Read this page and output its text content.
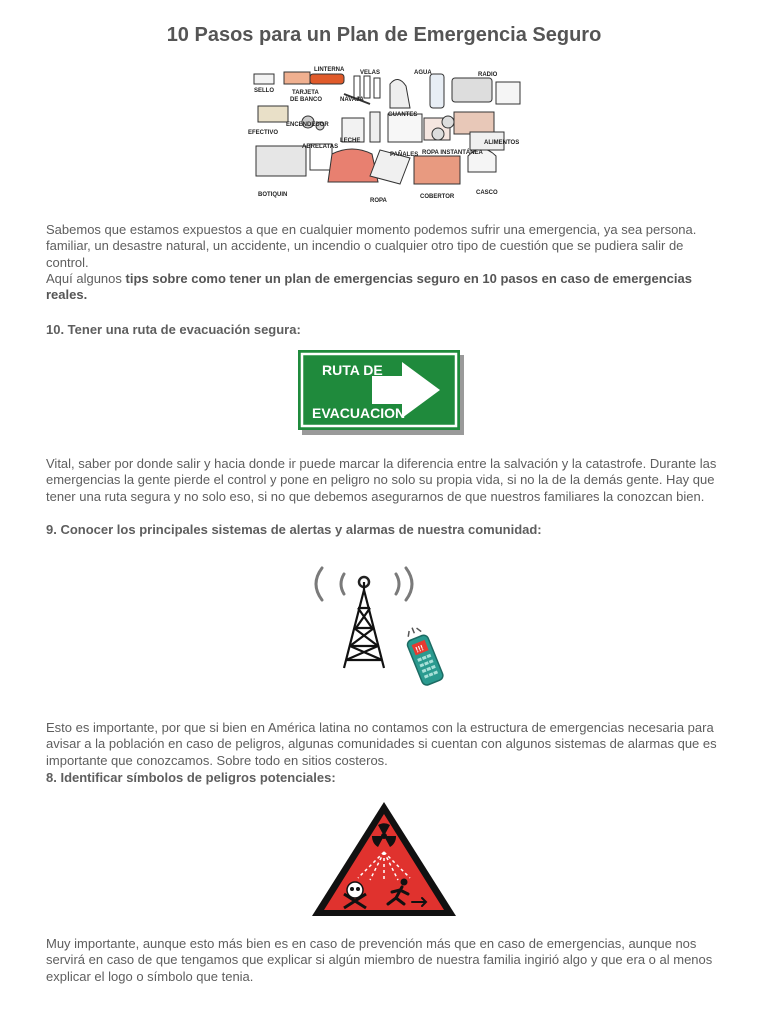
10 Pasos para un Plan de Emergencia Seguro
SELLO
LINTERNA
TARJETA
DE BANCO
VELAS	AGUA	RADIO
NAVAJA
GUANTES
EFECTIVO
ENCENDEDOR
ABRELATAS
LECHE
PAÑALES ROPA INSTANTÁNEA
ALIMENTOS
BOTIQUIN
ROPA
COBERTOR
CASCO

Sabemos que estamos expuestos a que en cualquier momento podemos sufrir una emergencia, ya sea persona.
familiar, un desastre natural, un accidente, un incendio o cualquier otro tipo de cuestión que se pudiera salir de
control.
Aquí algunos tips sobre como tener un plan de emergencias seguro en 10 pasos en caso de emergencias
reales.

10. Tener una ruta de evacuación segura:

RUTA DE
EVACUACION

Vital, saber por donde salir y hacia donde ir puede marcar la diferencia entre la salvación y la catastrofe. Durante las
emergencias la gente pierde el control y pone en peligro no solo su propia vida, si no la de la demás gente. Hay que
tener una ruta segura y no solo eso, si no que debemos asegurarnos de que nuestros familiares la conozcan bien.

9. Conocer los principales sistemas de alertas y alarmas de nuestra comunidad:

!!!

Esto es importante, por que si bien en América latina no contamos con la estructura de emergencias necesaria para
avisar a la población en caso de peligros, algunas comunidades si cuentan con algunos sistemas de alarmas que es
importante que conozcamos. Sobre todo en sitios costeros.

8. Identificar símbolos de peligros potenciales:

Muy importante, aunque esto más bien es en caso de prevención más que en caso de emergencias, aunque nos
servirá en caso de que tengamos que explicar si algún miembro de nuestra familia ingirió algo y que era o al menos
explicar el logo o símbolo que tenia.
